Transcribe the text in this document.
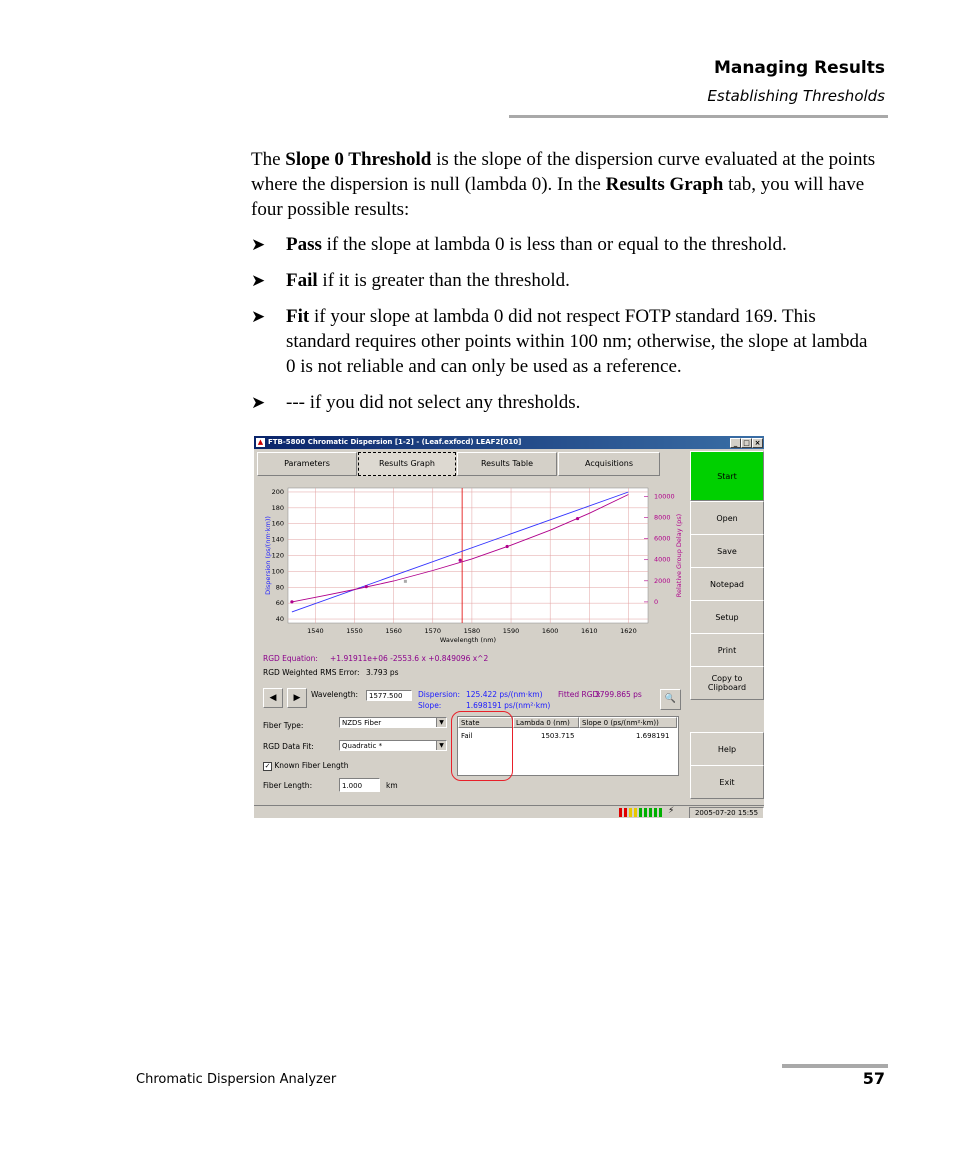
Managing Results
Establishing Thresholds

The Slope 0 Threshold is the slope of the dispersion curve evaluated at the points where the dispersion is null (lambda 0). In the Results Graph tab, you will have four possible results:

➤ Pass if the slope at lambda 0 is less than or equal to the threshold.
➤ Fail if it is greater than the threshold.
➤ Fit if your slope at lambda 0 did not respect FOTP standard 169. This standard requires other points within 100 nm; otherwise, the slope at lambda 0 is not reliable and can only be used as a reference.
➤ --- if you did not select any thresholds.
▲ FTB-5800 Chromatic Dispersion [1-2] - (Leaf.exfocd) LEAF2[010]	_ □ ×
Parameters	Results Graph	Results Table	Acquisitions
Start
Open
Save
Notepad
Setup
Print
Copy to
Clipboard
Help
Exit
1540	1550	1560	1570	1580	1590	1600	1610	1620
40
60
80
100
120
140
160
180
200
0
2000
4000
6000
8000
10000
Wavelength (nm)
Dispersion (ps/(nm·km))	Relative Group Delay (ps)
RGD Equation: +1.91911e+06 -2553.6 x +0.849096 x^2
RGD Weighted RMS Error: 3.793 ps
◀	▶	Wavelength:	1577.500	Dispersion: 125.422 ps/(nm·km)
Slope:	1.698191 ps/(nm²·km)
Fitted RGD:
3799.865 ps	🔍
Fiber Type:	NZDS Fiber	▼
RGD Data Fit:	Quadratic *	▼
✓ Known Fiber Length
Fiber Length:	1.000	km
State	Lambda 0 (nm)	Slope 0 (ps/(nm²·km))
Fail	1503.715	1.698191
⚡	2005-07-20 15:55
Chromatic Dispersion Analyzer	57
